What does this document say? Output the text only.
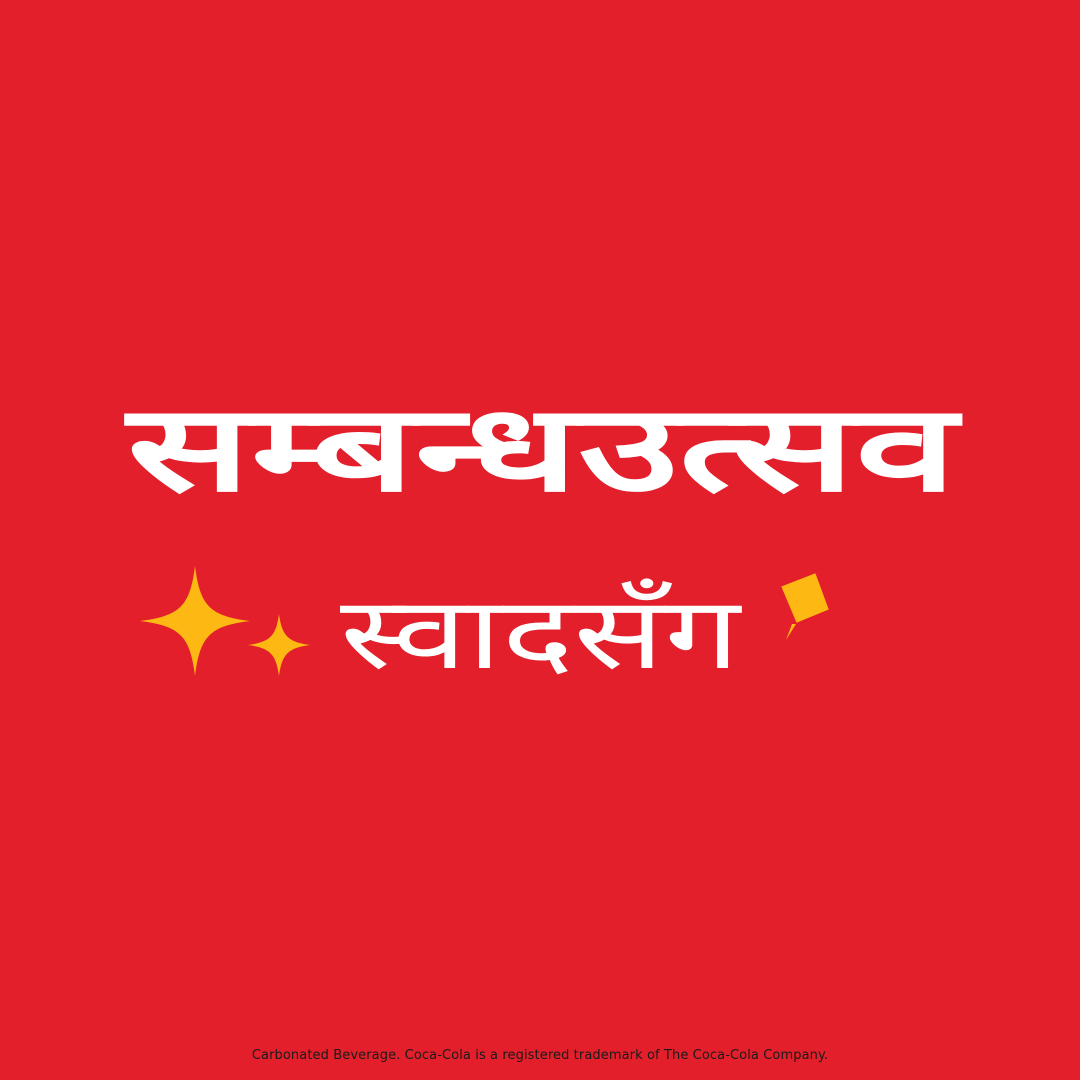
सम्बन्धउत्सव
स्वादसँग
Carbonated Beverage. Coca-Cola is a registered trademark of The Coca-Cola Company.
